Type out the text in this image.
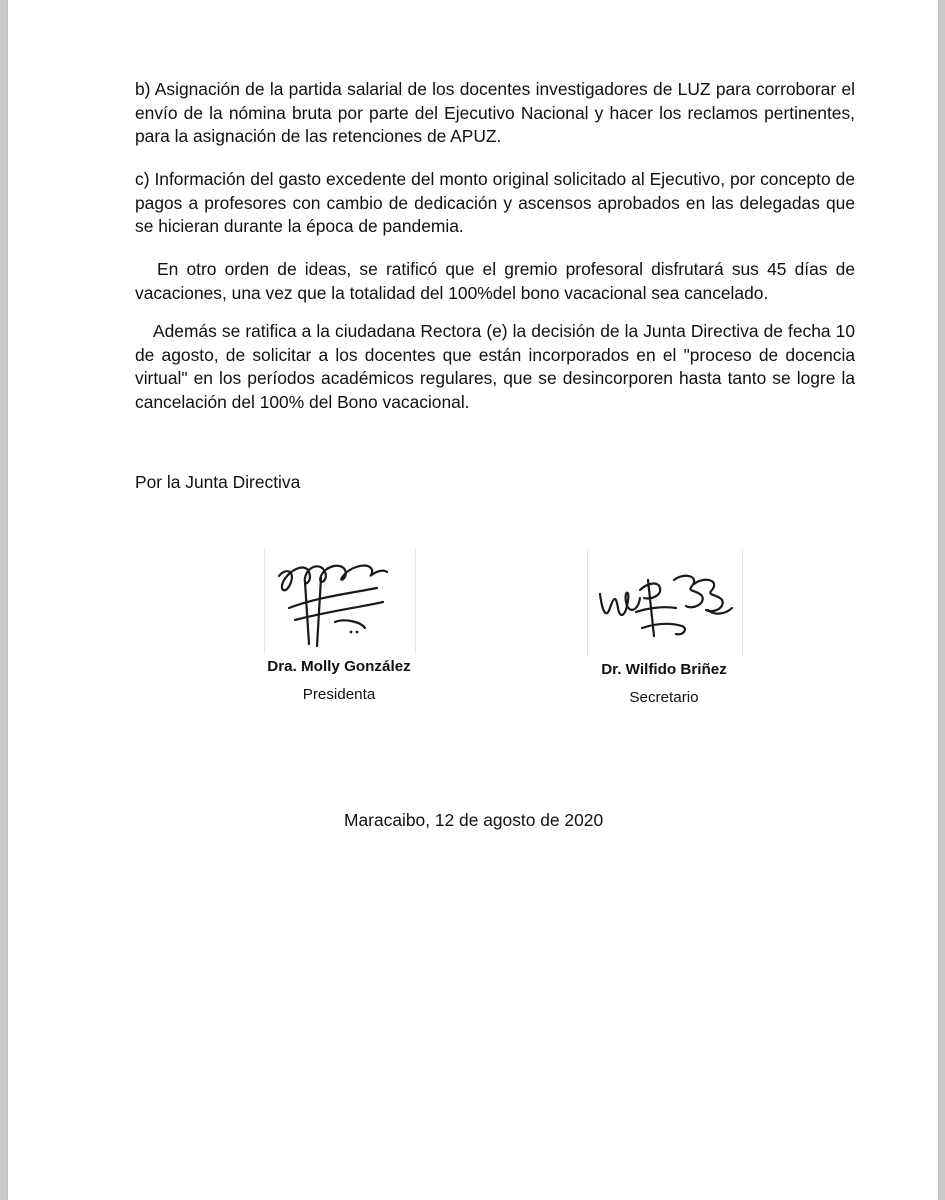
b) Asignación de la partida salarial de los docentes investigadores de LUZ para corroborar el envío de la nómina bruta por parte del Ejecutivo Nacional y hacer los reclamos pertinentes, para la asignación de las retenciones de APUZ.

c) Información del gasto excedente del monto original solicitado al Ejecutivo, por concepto de pagos a profesores con cambio de dedicación y ascensos aprobados en las delegadas que se hicieran durante la época de pandemia.

En otro orden de ideas, se ratificó que el gremio profesoral disfrutará sus 45 días de vacaciones, una vez que la totalidad del 100%del bono vacacional sea cancelado.

Además se ratifica a la ciudadana Rectora (e) la decisión de la Junta Directiva de fecha 10 de agosto, de solicitar a los docentes que están incorporados en el "proceso de docencia virtual" en los períodos académicos regulares, que se desincorporen hasta tanto se logre la cancelación del 100% del Bono vacacional.

Por la Junta Directiva

Dra. Molly González
Presidenta
Dr. Wilfido Briñez
Secretario

Maracaibo, 12 de agosto de 2020
